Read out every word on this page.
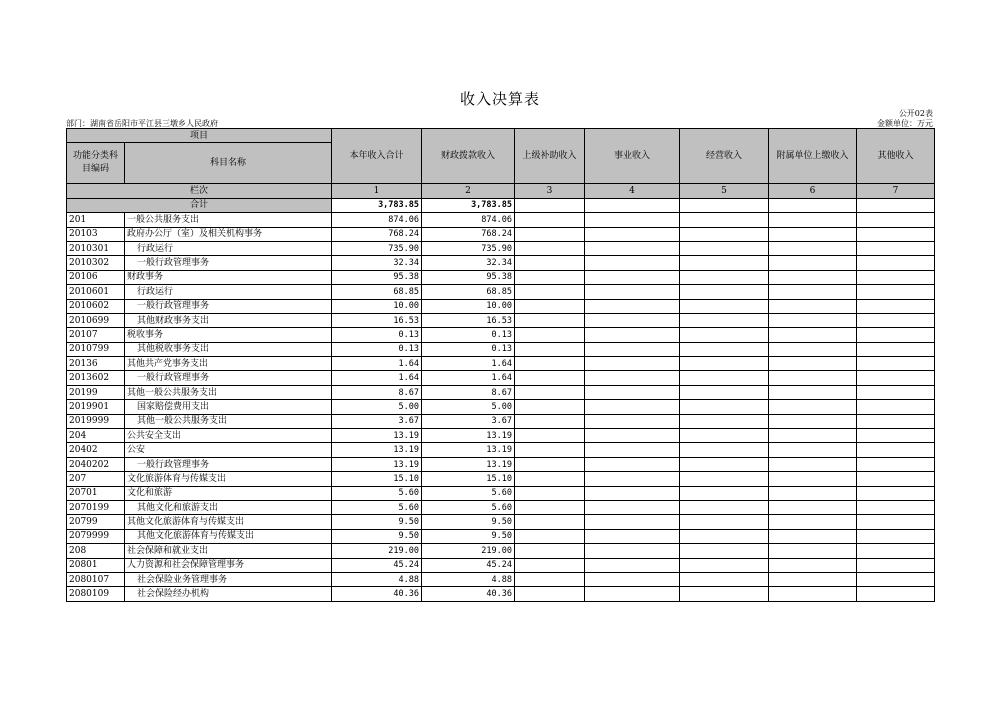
收入决算表
公开02表
部门：湖南省岳阳市平江县三墩乡人民政府	金额单位：万元
项目		本年收入合计	财政拨款收入	上级补助收入	事业收入	经营收入	附属单位上缴收入	其他收入
功能分类科目编码	科目名称							
栏次		1	2	3	4	5	6	7
合计		3,783.85	3,783.85					
201	一般公共服务支出	874.06	874.06					
20103	政府办公厅（室）及相关机构事务	768.24	768.24					
2010301	行政运行	735.90	735.90					
2010302	一般行政管理事务	32.34	32.34					
20106	财政事务	95.38	95.38					
2010601	行政运行	68.85	68.85					
2010602	一般行政管理事务	10.00	10.00					
2010699	其他财政事务支出	16.53	16.53					
20107	税收事务	0.13	0.13					
2010799	其他税收事务支出	0.13	0.13					
20136	其他共产党事务支出	1.64	1.64					
2013602	一般行政管理事务	1.64	1.64					
20199	其他一般公共服务支出	8.67	8.67					
2019901	国家赔偿费用支出	5.00	5.00					
2019999	其他一般公共服务支出	3.67	3.67					
204	公共安全支出	13.19	13.19					
20402	公安	13.19	13.19					
2040202	一般行政管理事务	13.19	13.19					
207	文化旅游体育与传媒支出	15.10	15.10					
20701	文化和旅游	5.60	5.60					
2070199	其他文化和旅游支出	5.60	5.60					
20799	其他文化旅游体育与传媒支出	9.50	9.50					
2079999	其他文化旅游体育与传媒支出	9.50	9.50					
208	社会保障和就业支出	219.00	219.00					
20801	人力资源和社会保障管理事务	45.24	45.24					
2080107	社会保险业务管理事务	4.88	4.88					
2080109	社会保险经办机构	40.36	40.36					
